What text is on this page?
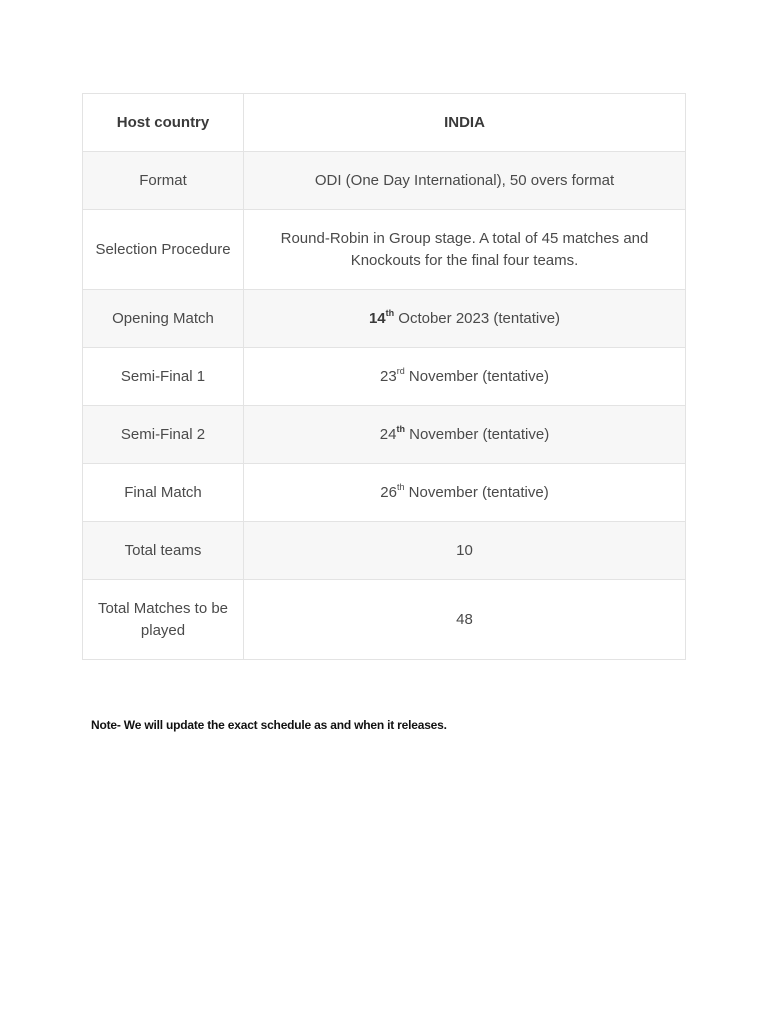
Host country	INDIA
Format	ODI (One Day International), 50 overs format
Selection Procedure	Round-Robin in Group stage. A total of 45 matches and
Knockouts for the final four teams.
Opening Match	14th October 2023 (tentative)
Semi-Final 1	23rd November (tentative)
Semi-Final 2	24th November (tentative)
Final Match	26th November (tentative)
Total teams	10
Total Matches to be
played	48
Note- We will update the exact schedule as and when it releases.
